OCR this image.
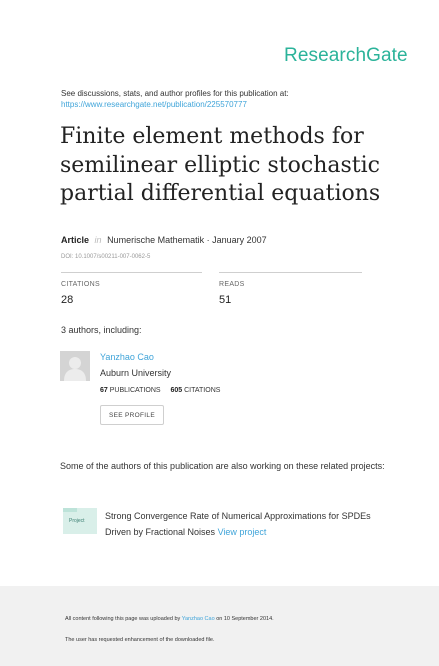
ResearchGate
See discussions, stats, and author profiles for this publication at:
https://www.researchgate.net/publication/225570777
Finite element methods for
semilinear elliptic stochastic
partial differential equations
Article in Numerische Mathematik · January 2007
DOI: 10.1007/s00211-007-0062-5
CITATIONS
28
READS
51
3 authors, including:
Yanzhao Cao
Auburn University
67 PUBLICATIONS 605 CITATIONS
SEE PROFILE
Some of the authors of this publication are also working on these related projects:
Project Strong Convergence Rate of Numerical Approximations for SPDEs Driven by Fractional Noises View project
All content following this page was uploaded by Yanzhao Cao on 10 September 2014.
The user has requested enhancement of the downloaded file.
